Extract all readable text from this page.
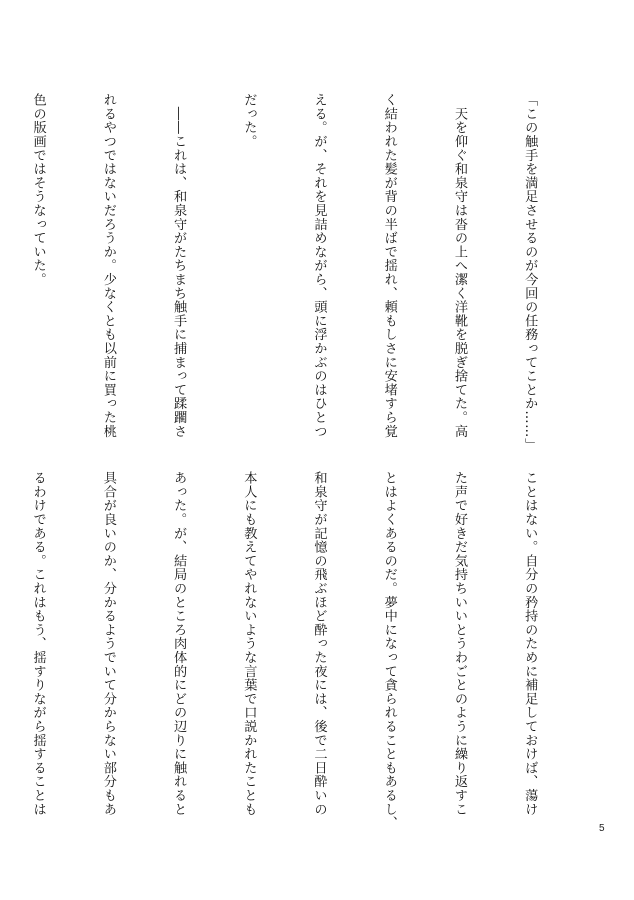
「この触手を満足させるのが今回の任務ってことか……」

　天を仰ぐ和泉守は沓の上へ潔く洋靴を脱ぎ捨てた。高

く結われた髪が背の半ばで揺れ、頼もしさに安堵すら覚

える。が、それを見詰めながら、頭に浮かぶのはひとつ

だった。

　――これは、和泉守がたちまち触手に捕まって蹂躙さ

れるやつではないだろうか。少なくとも以前に買った桃

色の版画ではそうなっていた。

ことはない。自分の矜持のために補足しておけば、蕩け

た声で好きだ気持ちいいとうわごとのように繰り返すこ

とはよくあるのだ。夢中になって貪られることもあるし、

和泉守が記憶の飛ぶほど酔った夜には、後で二日酔いの

本人にも教えてやれないような言葉で口説かれたことも

あった。が、結局のところ肉体的にどの辺りに触れると

具合が良いのか、分かるようでいて分からない部分もあ

るわけである。これはもう、揺すりながら揺することは

5
